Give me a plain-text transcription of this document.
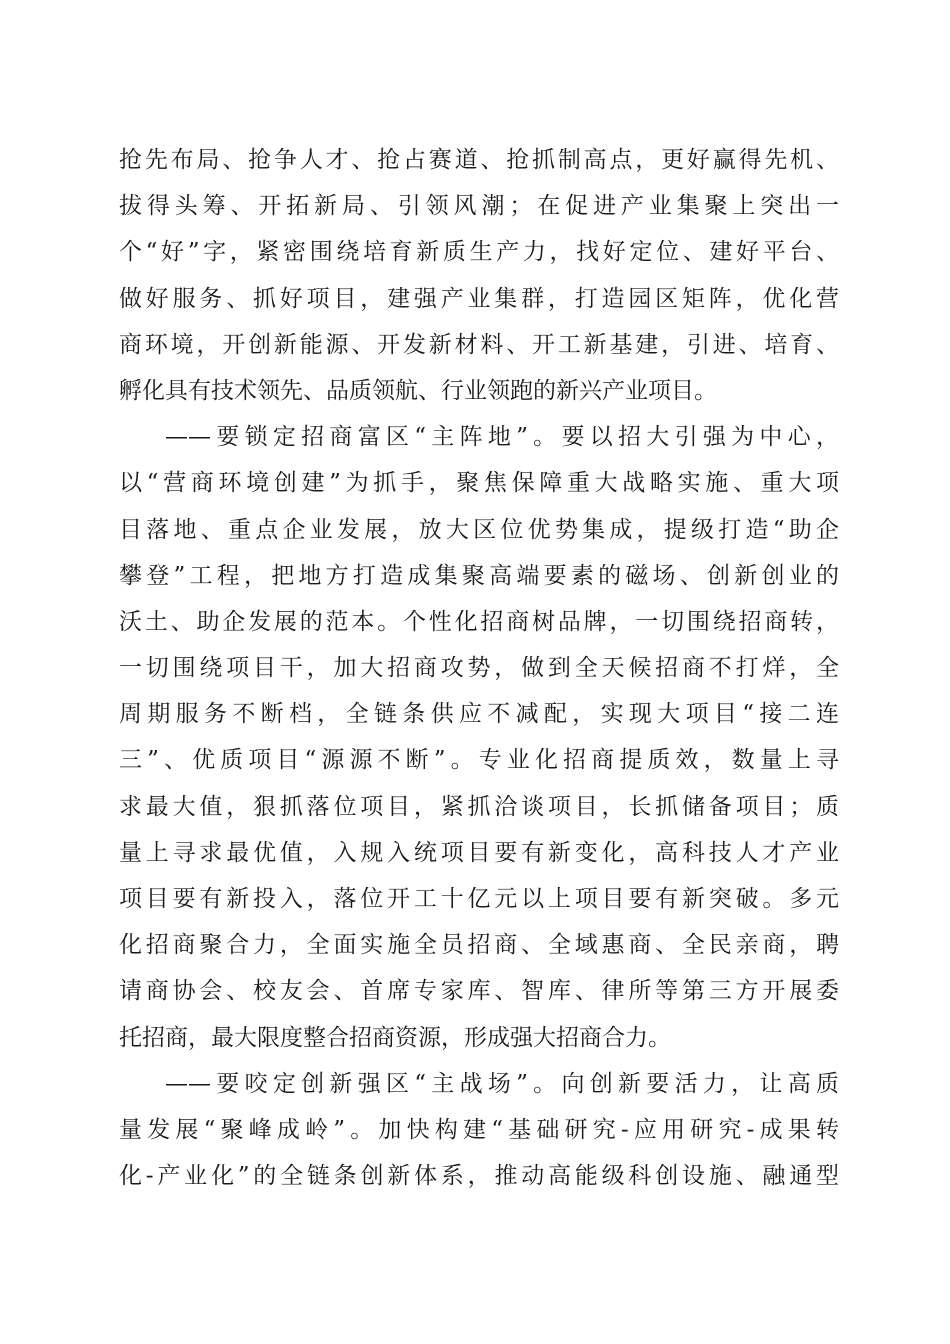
抢先布局、抢争人才、抢占赛道、抢抓制高点，更好赢得先机、
拔得头筹、开拓新局、引领风潮；在促进产业集聚上突出一
个“好”字，紧密围绕培育新质生产力，找好定位、建好平台、
做好服务、抓好项目，建强产业集群，打造园区矩阵，优化营
商环境，开创新能源、开发新材料、开工新基建，引进、培育、
孵化具有技术领先、品质领航、行业领跑的新兴产业项目。
——要锁定招商富区“主阵地”。要以招大引强为中心，
以“营商环境创建”为抓手，聚焦保障重大战略实施、重大项
目落地、重点企业发展，放大区位优势集成，提级打造“助企
攀登”工程，把地方打造成集聚高端要素的磁场、创新创业的
沃土、助企发展的范本。个性化招商树品牌，一切围绕招商转，
一切围绕项目干，加大招商攻势，做到全天候招商不打烊，全
周期服务不断档，全链条供应不减配，实现大项目“接二连
三”、优质项目“源源不断”。专业化招商提质效，数量上寻
求最大值，狠抓落位项目，紧抓洽谈项目，长抓储备项目；质
量上寻求最优值，入规入统项目要有新变化，高科技人才产业
项目要有新投入，落位开工十亿元以上项目要有新突破。多元
化招商聚合力，全面实施全员招商、全域惠商、全民亲商，聘
请商协会、校友会、首席专家库、智库、律所等第三方开展委
托招商，最大限度整合招商资源，形成强大招商合力。
——要咬定创新强区“主战场”。向创新要活力，让高质
量发展“聚峰成岭”。加快构建“基础研究-应用研究-成果转
化-产业化”的全链条创新体系，推动高能级科创设施、融通型
